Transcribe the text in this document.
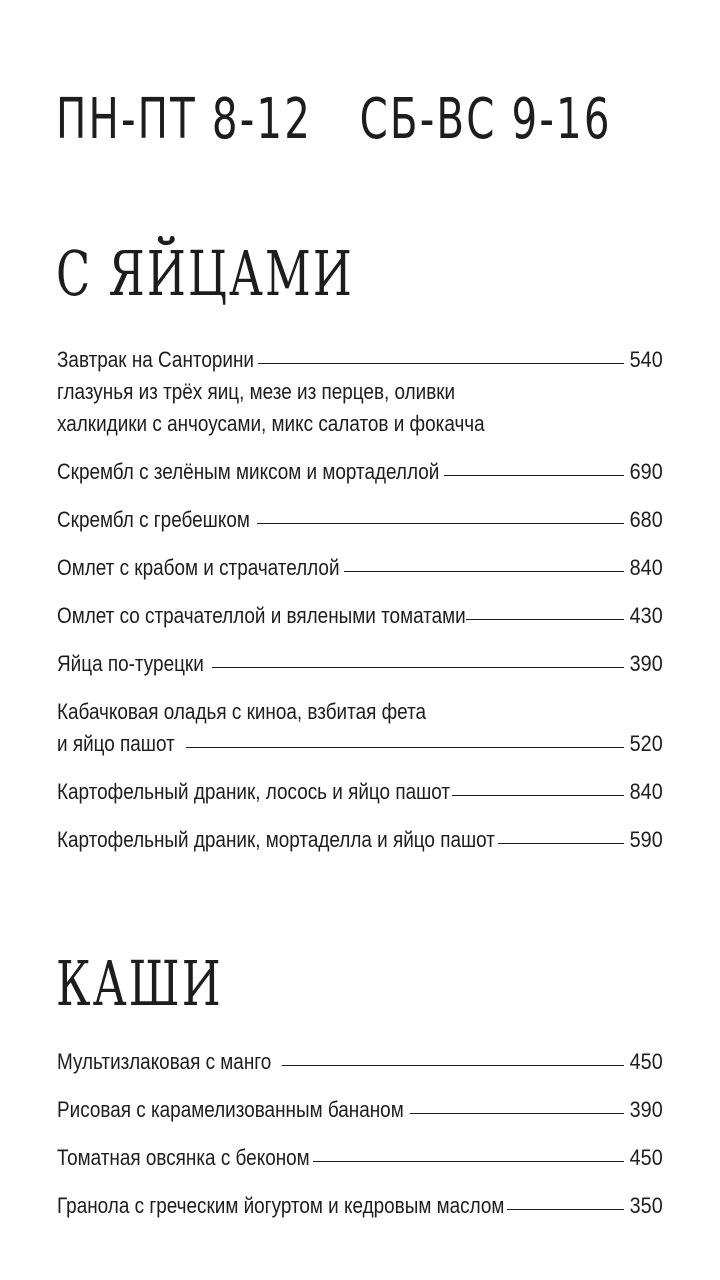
ПН-ПТ 8-12 СБ-ВС 9-16
С ЯЙЦАМИ
Завтрак на Санторини	540
глазунья из трёх яиц, мезе из перцев, оливки
халкидики с анчоусами, микс салатов и фокачча
Скрембл с зелёным миксом и мортаделлой	690
Скрембл с гребешком	680
Омлет с крабом и страчателлой	840
Омлет со страчателлой и вялеными томатами	430
Яйца по-турецки	390
Кабачковая оладья с киноа, взбитая фета
и яйцо пашот	520
Картофельный драник, лосось и яйцо пашот	840
Картофельный драник, мортаделла и яйцо пашот	590
КАШИ
Мультизлаковая с манго	450
Рисовая с карамелизованным бананом	390
Томатная овсянка с беконом	450
Гранола с греческим йогуртом и кедровым маслом	350
